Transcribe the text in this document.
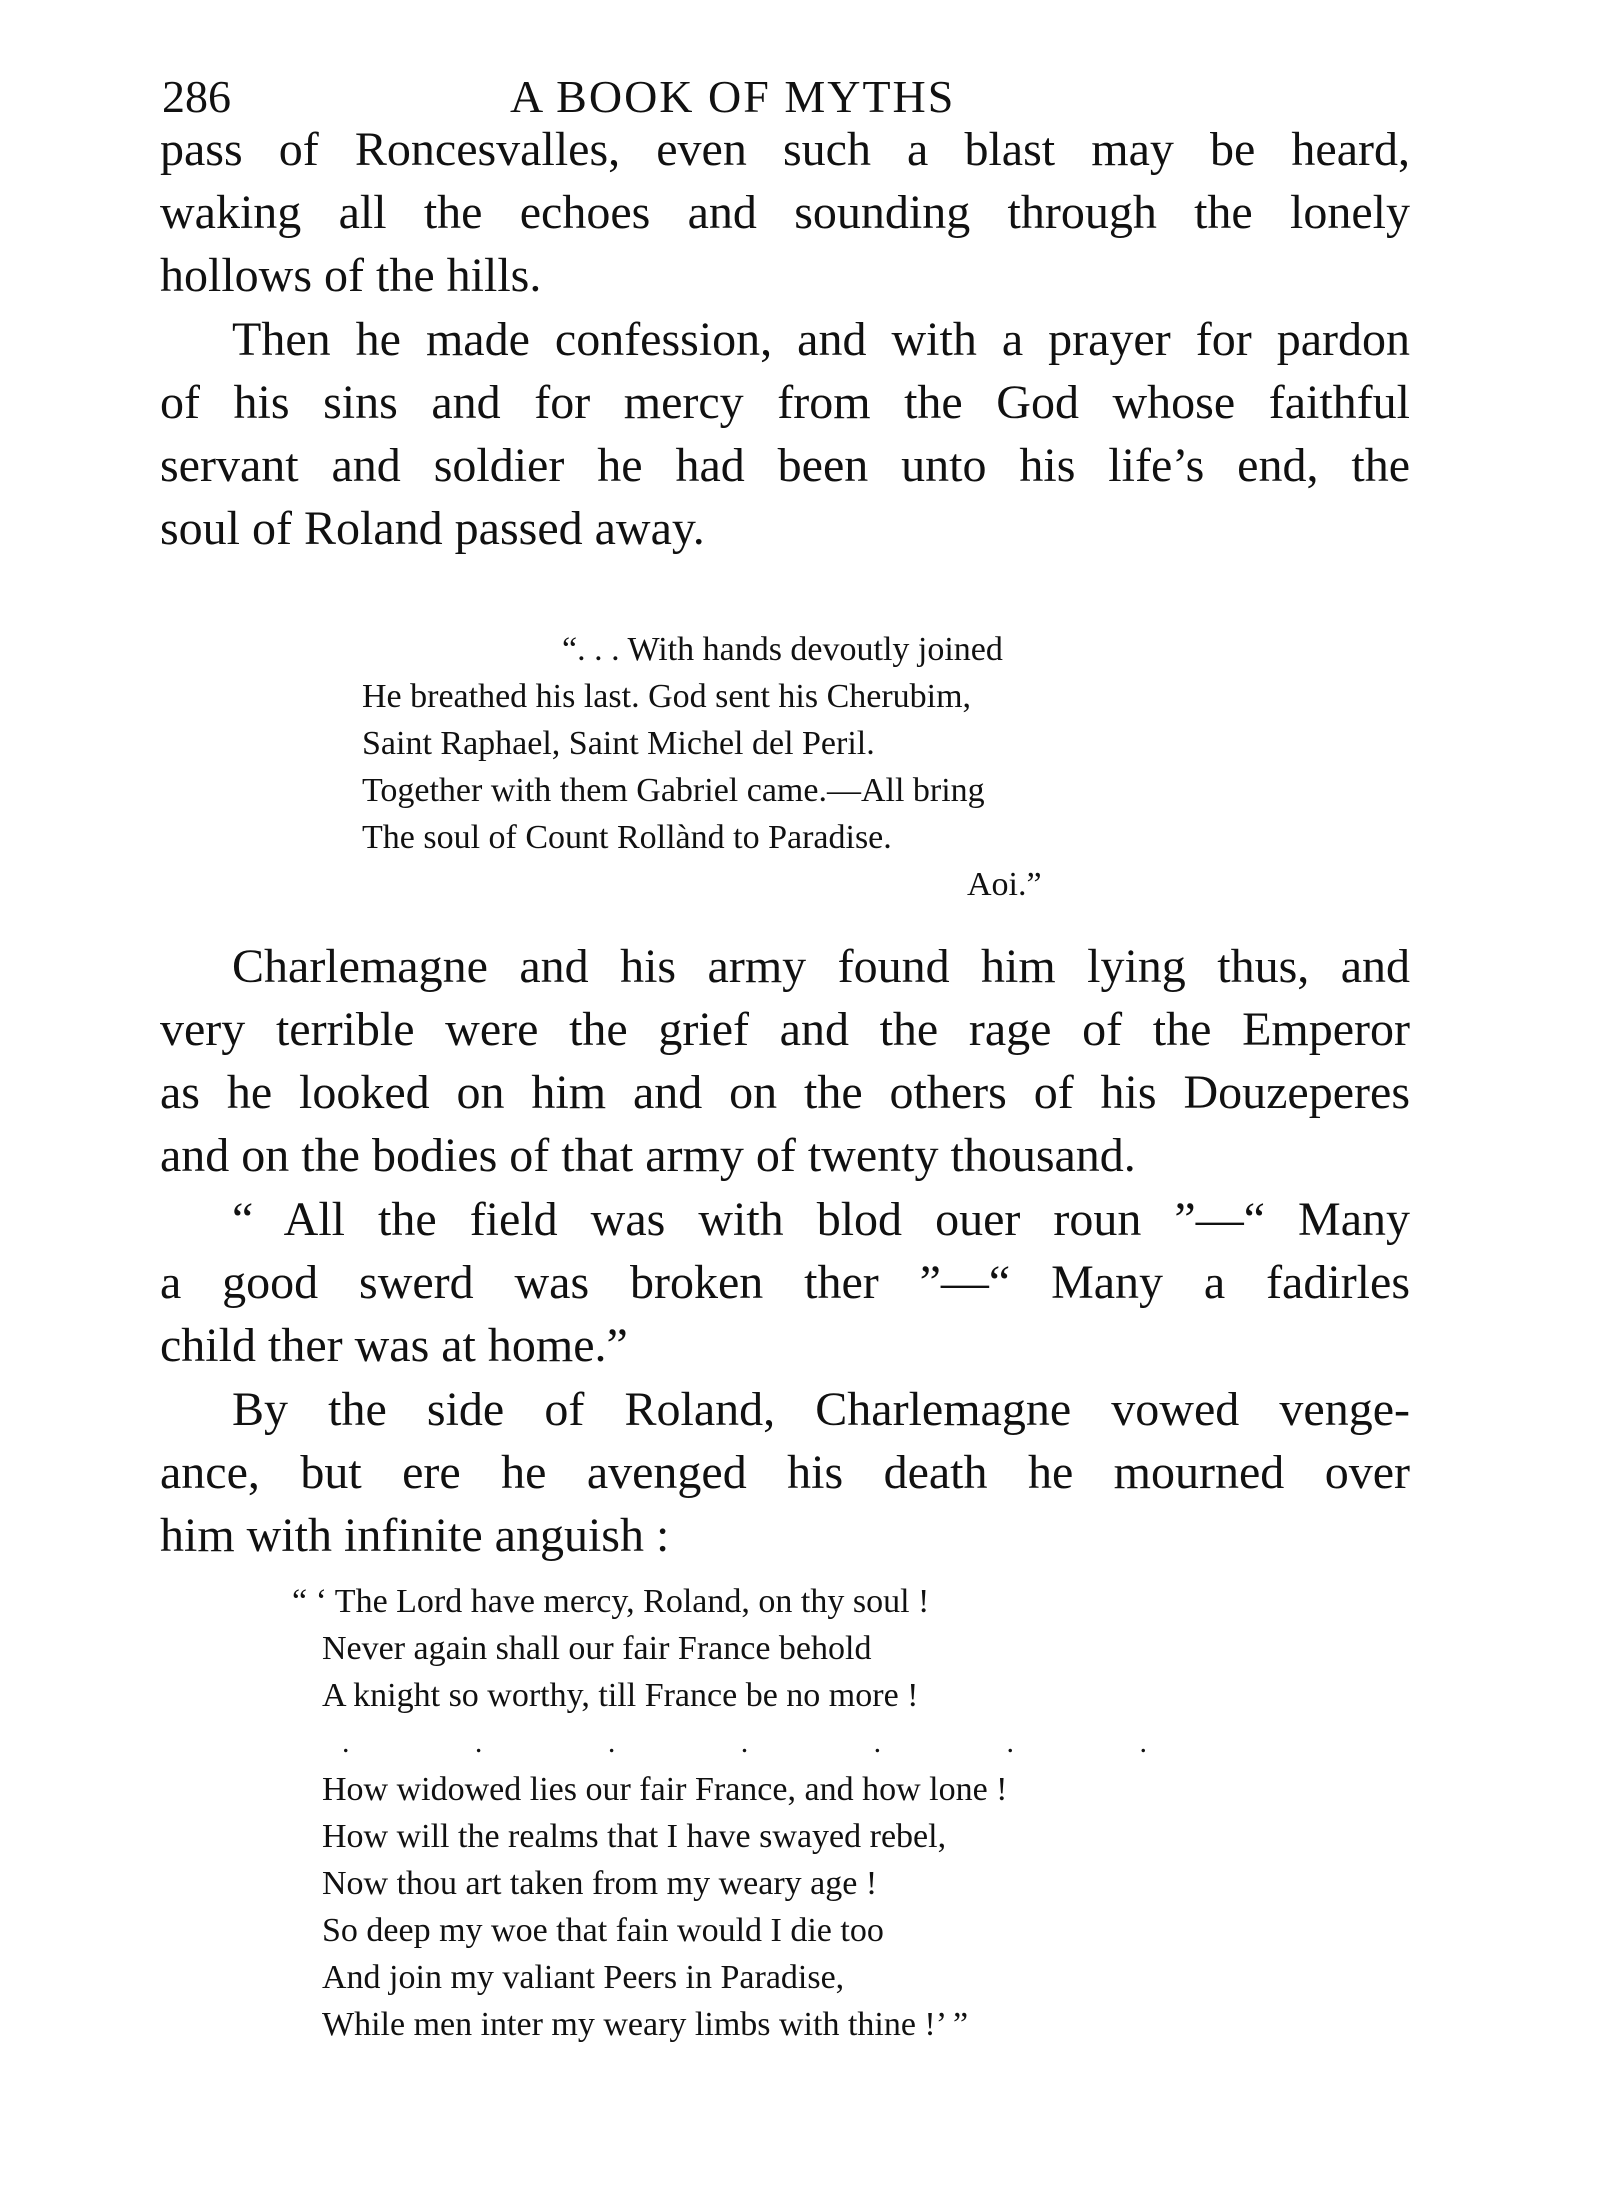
286	A BOOK OF MYTHS
pass of Roncesvalles, even such a blast may be heard,
waking all the echoes and sounding through the lonely
hollows of the hills.
Then he made confession, and with a prayer for pardon
of his sins and for mercy from the God whose faithful
servant and soldier he had been unto his life’s end, the
soul of Roland passed away.
“. . . With hands devoutly joined
He breathed his last. God sent his Cherubim,
Saint Raphael, Saint Michel del Peril.
Together with them Gabriel came.—All bring
The soul of Count Rollànd to Paradise.
Aoi.”
Charlemagne and his army found him lying thus, and
very terrible were the grief and the rage of the Emperor
as he looked on him and on the others of his Douzeperes
and on the bodies of that army of twenty thousand.
“ All the field was with blod ouer roun ”—“ Many
a good swerd was broken ther ”—“ Many a fadirles
child ther was at home.”
By the side of Roland, Charlemagne vowed venge-
ance, but ere he avenged his death he mourned over
him with infinite anguish :
“ ‘ The Lord have mercy, Roland, on thy soul !
Never again shall our fair France behold
A knight so worthy, till France be no more !
.	.	.	.	.	.	.
How widowed lies our fair France, and how lone !
How will the realms that I have swayed rebel,
Now thou art taken from my weary age !
So deep my woe that fain would I die too
And join my valiant Peers in Paradise,
While men inter my weary limbs with thine !’ ”
